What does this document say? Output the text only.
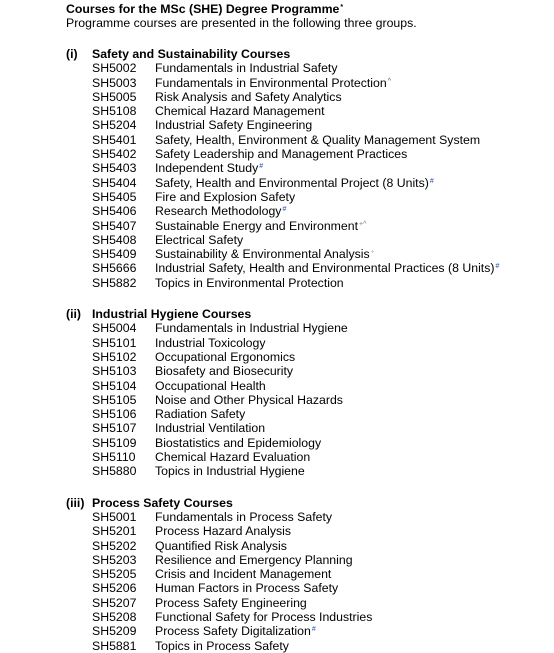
Courses for the MSc (SHE) Degree Programme*
Programme courses are presented in the following three groups.
(i)	Safety and Sustainability Courses
SH5002	Fundamentals in Industrial Safety
SH5003	Fundamentals in Environmental Protection^
SH5005	Risk Analysis and Safety Analytics
SH5108	Chemical Hazard Management
SH5204	Industrial Safety Engineering
SH5401	Safety, Health, Environment & Quality Management System
SH5402	Safety Leadership and Management Practices
SH5403	Independent Study#
SH5404	Safety, Health and Environmental Project (8 Units)#
SH5405	Fire and Explosion Safety
SH5406	Research Methodology#
SH5407	Sustainable Energy and Environment+^
SH5408	Electrical Safety
SH5409	Sustainability & Environmental Analysis+
SH5666	Industrial Safety, Health and Environmental Practices (8 Units)#
SH5882	Topics in Environmental Protection
(ii) Industrial Hygiene Courses
SH5004	Fundamentals in Industrial Hygiene
SH5101	Industrial Toxicology
SH5102	Occupational Ergonomics
SH5103	Biosafety and Biosecurity
SH5104	Occupational Health
SH5105	Noise and Other Physical Hazards
SH5106	Radiation Safety
SH5107	Industrial Ventilation
SH5109	Biostatistics and Epidemiology
SH5110	Chemical Hazard Evaluation
SH5880	Topics in Industrial Hygiene
(iii) Process Safety Courses
SH5001	Fundamentals in Process Safety
SH5201	Process Hazard Analysis
SH5202	Quantified Risk Analysis
SH5203	Resilience and Emergency Planning
SH5205	Crisis and Incident Management
SH5206	Human Factors in Process Safety
SH5207	Process Safety Engineering
SH5208	Functional Safety for Process Industries
SH5209	Process Safety Digitalization#
SH5881	Topics in Process Safety
